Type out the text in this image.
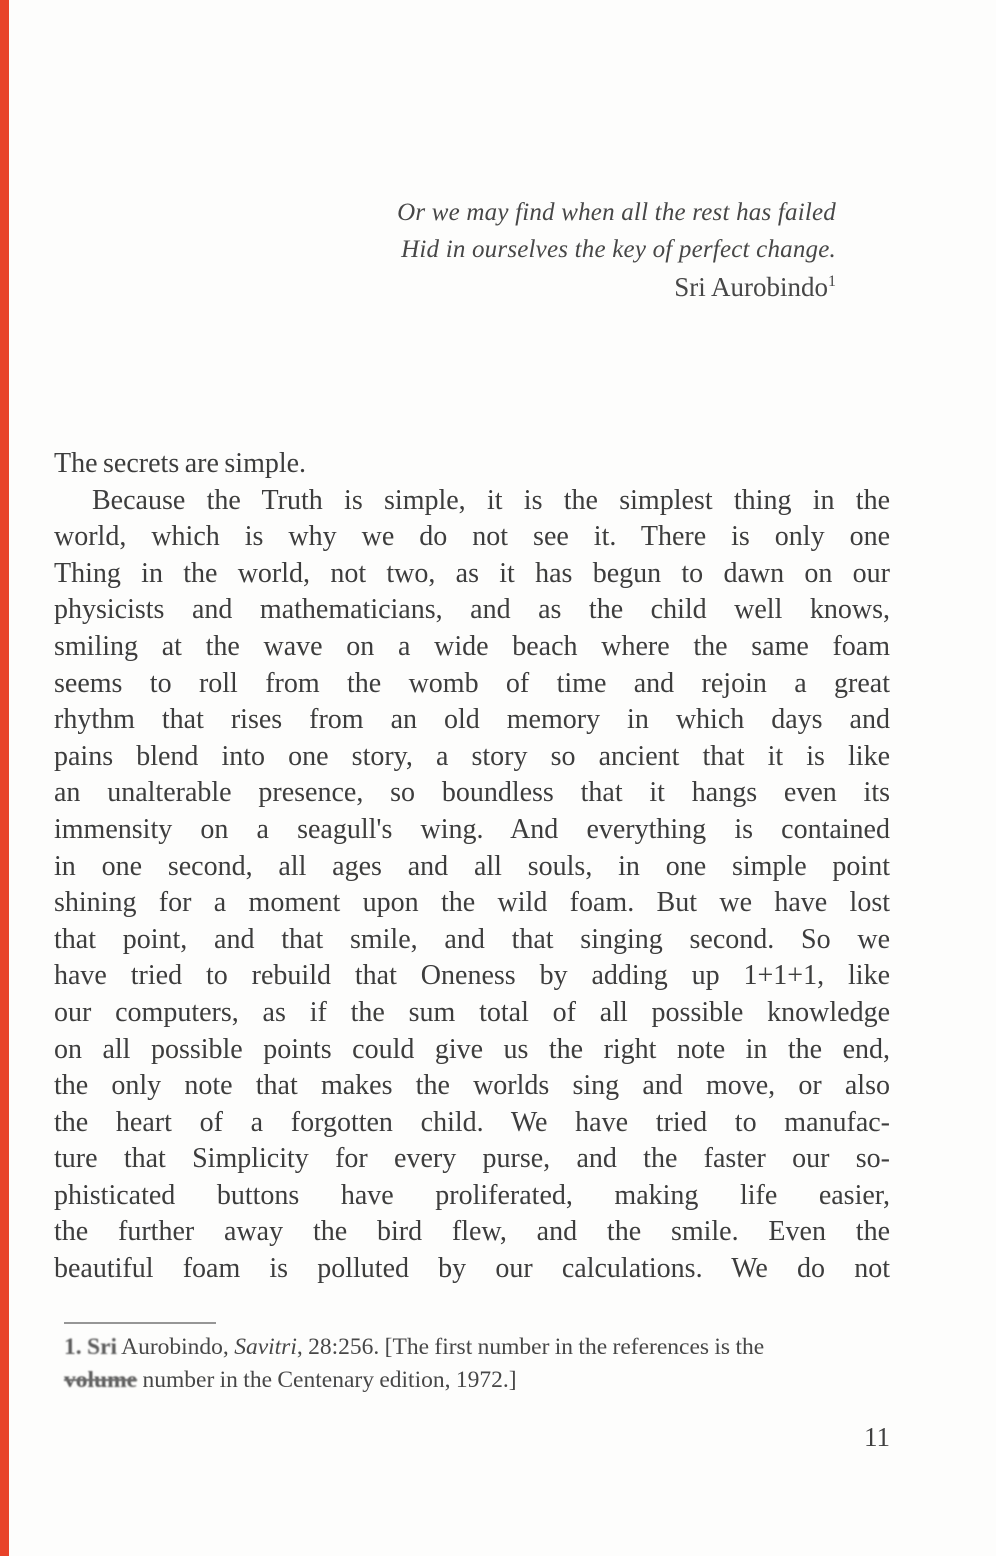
Or we may find when all the rest has failed
Hid in ourselves the key of perfect change.
Sri Aurobindo$^1$
The secrets are simple.
Because the Truth is simple, it is the simplest thing in the
world, which is why we do not see it. There is only one
Thing in the world, not two, as it has begun to dawn on our
physicists and mathematicians, and as the child well knows,
smiling at the wave on a wide beach where the same foam
seems to roll from the womb of time and rejoin a great
rhythm that rises from an old memory in which days and
pains blend into one story, a story so ancient that it is like
an unalterable presence, so boundless that it hangs even its
immensity on a seagull's wing. And everything is contained
in one second, all ages and all souls, in one simple point
shining for a moment upon the wild foam. But we have lost
that point, and that smile, and that singing second. So we
have tried to rebuild that Oneness by adding up 1+1+1, like
our computers, as if the sum total of all possible knowledge
on all possible points could give us the right note in the end,
the only note that makes the worlds sing and move, or also
the heart of a forgotten child. We have tried to manufac-
ture that Simplicity for every purse, and the faster our so-
phisticated buttons have proliferated, making life easier,
the further away the bird flew, and the smile. Even the
beautiful foam is polluted by our calculations. We do not
1. Sri Aurobindo, Savitri, 28:256. [The first number in the references is the
volume number in the Centenary edition, 1972.]
11
